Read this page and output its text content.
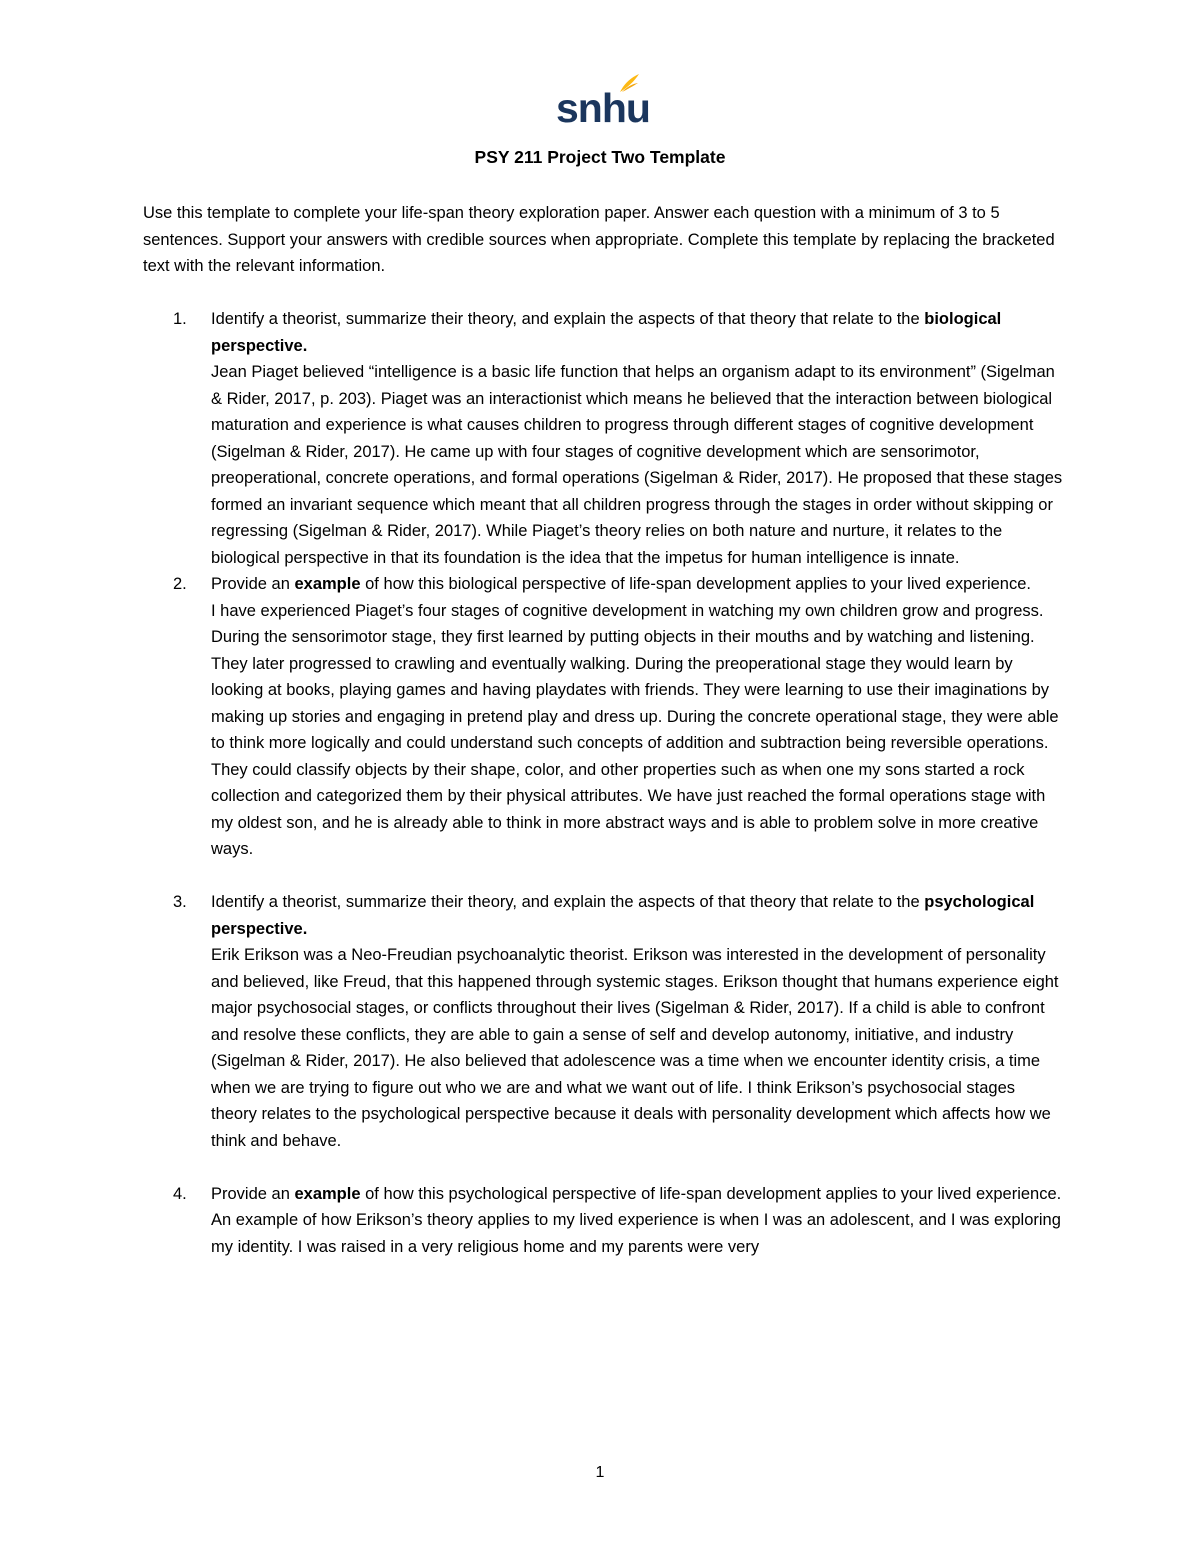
snhu
PSY 211 Project Two Template

Use this template to complete your life-span theory exploration paper. Answer each question with a minimum of 3 to 5 sentences. Support your answers with credible sources when appropriate. Complete this template by replacing the bracketed text with the relevant information.

1. Identify a theorist, summarize their theory, and explain the aspects of that theory that relate to the biological perspective.

Jean Piaget believed “intelligence is a basic life function that helps an organism adapt to its environment” (Sigelman & Rider, 2017, p. 203). Piaget was an interactionist which means he believed that the interaction between biological maturation and experience is what causes children to progress through different stages of cognitive development (Sigelman & Rider, 2017). He came up with four stages of cognitive development which are sensorimotor, preoperational, concrete operations, and formal operations (Sigelman & Rider, 2017). He proposed that these stages formed an invariant sequence which meant that all children progress through the stages in order without skipping or regressing (Sigelman & Rider, 2017). While Piaget’s theory relies on both nature and nurture, it relates to the biological perspective in that its foundation is the idea that the impetus for human intelligence is innate.

2. Provide an example of how this biological perspective of life-span development applies to your lived experience.

I have experienced Piaget’s four stages of cognitive development in watching my own children grow and progress. During the sensorimotor stage, they first learned by putting objects in their mouths and by watching and listening. They later progressed to crawling and eventually walking. During the preoperational stage they would learn by looking at books, playing games and having playdates with friends. They were learning to use their imaginations by making up stories and engaging in pretend play and dress up. During the concrete operational stage, they were able to think more logically and could understand such concepts of addition and subtraction being reversible operations. They could classify objects by their shape, color, and other properties such as when one my sons started a rock collection and categorized them by their physical attributes. We have just reached the formal operations stage with my oldest son, and he is already able to think in more abstract ways and is able to problem solve in more creative ways.

3. Identify a theorist, summarize their theory, and explain the aspects of that theory that relate to the psychological perspective.

Erik Erikson was a Neo-Freudian psychoanalytic theorist. Erikson was interested in the development of personality and believed, like Freud, that this happened through systemic stages. Erikson thought that humans experience eight major psychosocial stages, or conflicts throughout their lives (Sigelman & Rider, 2017). If a child is able to confront and resolve these conflicts, they are able to gain a sense of self and develop autonomy, initiative, and industry (Sigelman & Rider, 2017). He also believed that adolescence was a time when we encounter identity crisis, a time when we are trying to figure out who we are and what we want out of life. I think Erikson’s psychosocial stages theory relates to the psychological perspective because it deals with personality development which affects how we think and behave.

4. Provide an example of how this psychological perspective of life-span development applies to your lived experience.

An example of how Erikson’s theory applies to my lived experience is when I was an adolescent, and I was exploring my identity. I was raised in a very religious home and my parents were very

1
